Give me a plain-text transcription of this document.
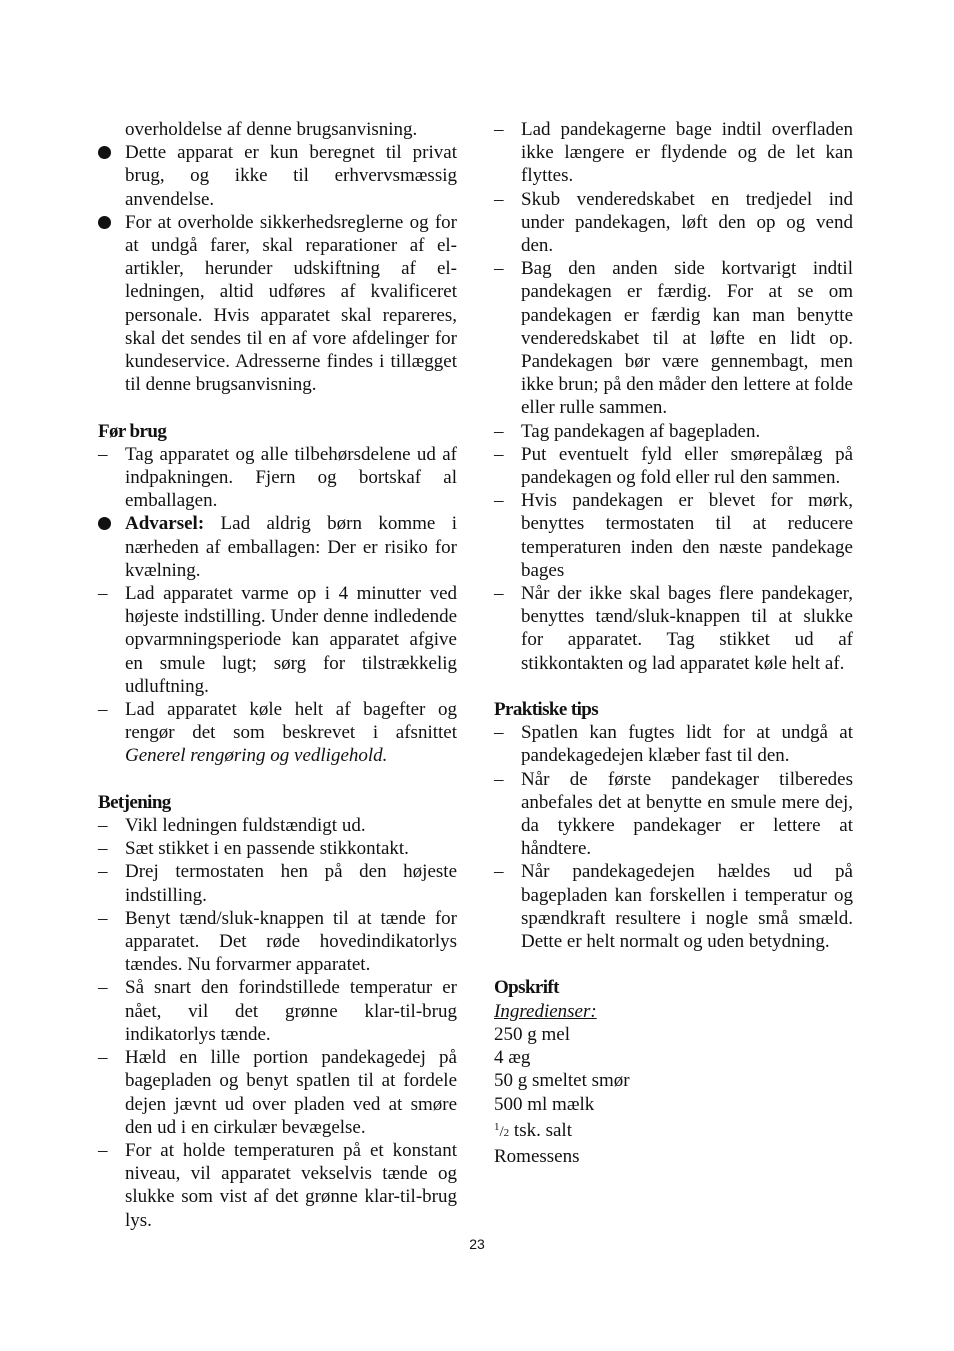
overholdelse af denne brugsanvisning.
Dette apparat er kun beregnet til privat brug, og ikke til erhvervsmæssig anvendelse.
For at overholde sikkerhedsreglerne og for at undgå farer, skal reparationer af el-artikler, herunder udskiftning af el-ledningen, altid udføres af kvalificeret personale. Hvis apparatet skal repareres, skal det sendes til en af vore afdelinger for kundeservice. Adresserne findes i tillægget til denne brugsanvisning.
Før brug
– Tag apparatet og alle tilbehørsdelene ud af indpakningen. Fjern og bortskaf al emballagen.
Advarsel: Lad aldrig børn komme i nærheden af emballagen: Der er risiko for kvælning.
– Lad apparatet varme op i 4 minutter ved højeste indstilling. Under denne indledende opvarmningsperiode kan apparatet afgive en smule lugt; sørg for tilstrækkelig udluftning.
– Lad apparatet køle helt af bagefter og rengør det som beskrevet i afsnittet Generel rengøring og vedligehold.
Betjening
– Vikl ledningen fuldstændigt ud.
– Sæt stikket i en passende stikkontakt.
– Drej termostaten hen på den højeste indstilling.
– Benyt tænd/sluk-knappen til at tænde for apparatet. Det røde hovedindikatorlys tændes. Nu forvarmer apparatet.
– Så snart den forindstillede temperatur er nået, vil det grønne klar-til-brug indikatorlys tænde.
– Hæld en lille portion pandekagedej på bagepladen og benyt spatlen til at fordele dejen jævnt ud over pladen ved at smøre den ud i en cirkulær bevægelse.
– For at holde temperaturen på et konstant niveau, vil apparatet vekselvis tænde og slukke som vist af det grønne klar-til-brug lys.
– Lad pandekagerne bage indtil overfladen ikke længere er flydende og de let kan flyttes.
– Skub venderedskabet en tredjedel ind under pandekagen, løft den op og vend den.
– Bag den anden side kortvarigt indtil pandekagen er færdig. For at se om pandekagen er færdig kan man benytte venderedskabet til at løfte en lidt op. Pandekagen bør være gennembagt, men ikke brun; på den måder den lettere at folde eller rulle sammen.
– Tag pandekagen af bagepladen.
– Put eventuelt fyld eller smørepålæg på pandekagen og fold eller rul den sammen.
– Hvis pandekagen er blevet for mørk, benyttes termostaten til at reducere temperaturen inden den næste pandekage bages
– Når der ikke skal bages flere pandekager, benyttes tænd/sluk-knappen til at slukke for apparatet. Tag stikket ud af stikkontakten og lad apparatet køle helt af.
Praktiske tips
– Spatlen kan fugtes lidt for at undgå at pandekagedejen klæber fast til den.
– Når de første pandekager tilberedes anbefales det at benytte en smule mere dej, da tykkere pandekager er lettere at håndtere.
– Når pandekagedejen hældes ud på bagepladen kan forskellen i temperatur og spændkraft resultere i nogle små smæld. Dette er helt normalt og uden betydning.
Opskrift
Ingredienser:
250 g mel
4 æg
50 g smeltet smør
500 ml mælk
$^1$/2 tsk. salt
Romessens
23
